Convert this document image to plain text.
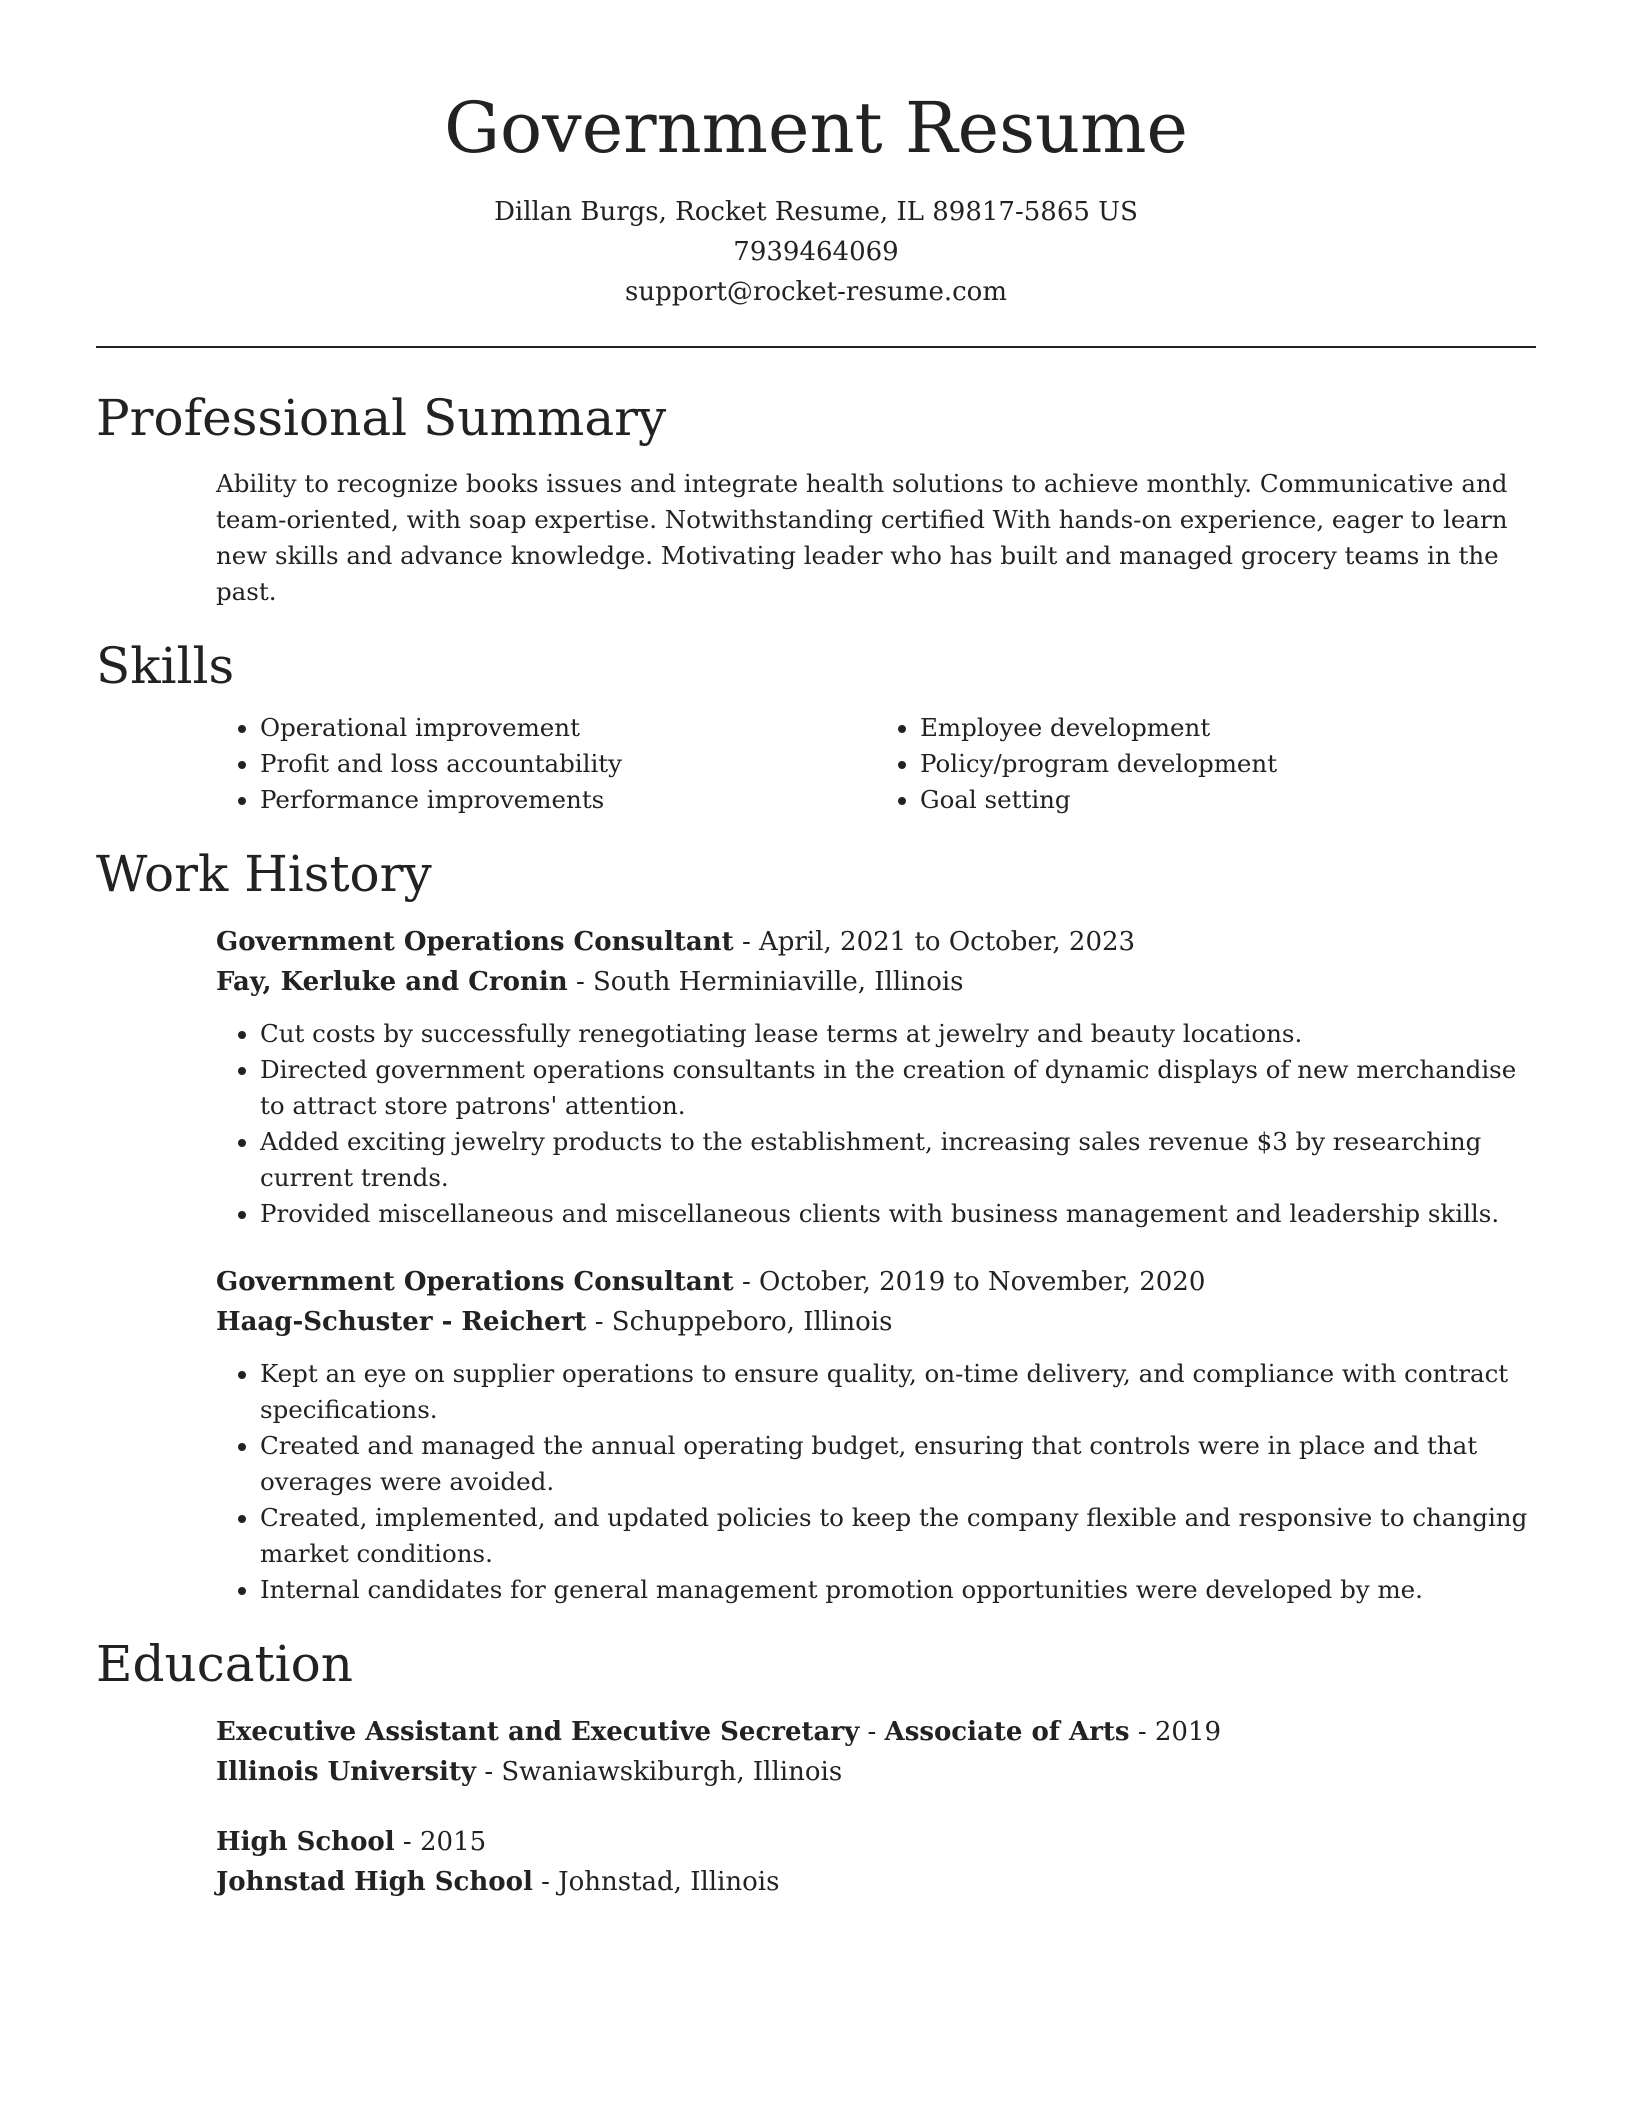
Government Resume

Dillan Burgs, Rocket Resume, IL 89817-5865 US

7939464069

support@rocket-resume.com

Professional Summary

Ability to recognize books issues and integrate health solutions to achieve monthly. Communicative and team-oriented, with soap expertise. Notwithstanding certified With hands-on experience, eager to learn new skills and advance knowledge. Motivating leader who has built and managed grocery teams in the past.

Skills
• Operational improvement
• Profit and loss accountability
• Performance improvements
• Employee development
• Policy/program development
• Goal setting
Work History

Government Operations Consultant - April, 2021 to October, 2023

Fay, Kerluke and Cronin - South Herminiaville, Illinois

• Cut costs by successfully renegotiating lease terms at jewelry and beauty locations.
• Directed government operations consultants in the creation of dynamic displays of new merchandise to attract store patrons' attention.
• Added exciting jewelry products to the establishment, increasing sales revenue $3 by researching current trends.
• Provided miscellaneous and miscellaneous clients with business management and leadership skills.

Government Operations Consultant - October, 2019 to November, 2020

Haag-Schuster - Reichert - Schuppeboro, Illinois

• Kept an eye on supplier operations to ensure quality, on-time delivery, and compliance with contract specifications.
• Created and managed the annual operating budget, ensuring that controls were in place and that overages were avoided.
• Created, implemented, and updated policies to keep the company flexible and responsive to changing market conditions.
• Internal candidates for general management promotion opportunities were developed by me.
Education

Executive Assistant and Executive Secretary - Associate of Arts - 2019

Illinois University - Swaniawskiburgh, Illinois

High School - 2015

Johnstad High School - Johnstad, Illinois
